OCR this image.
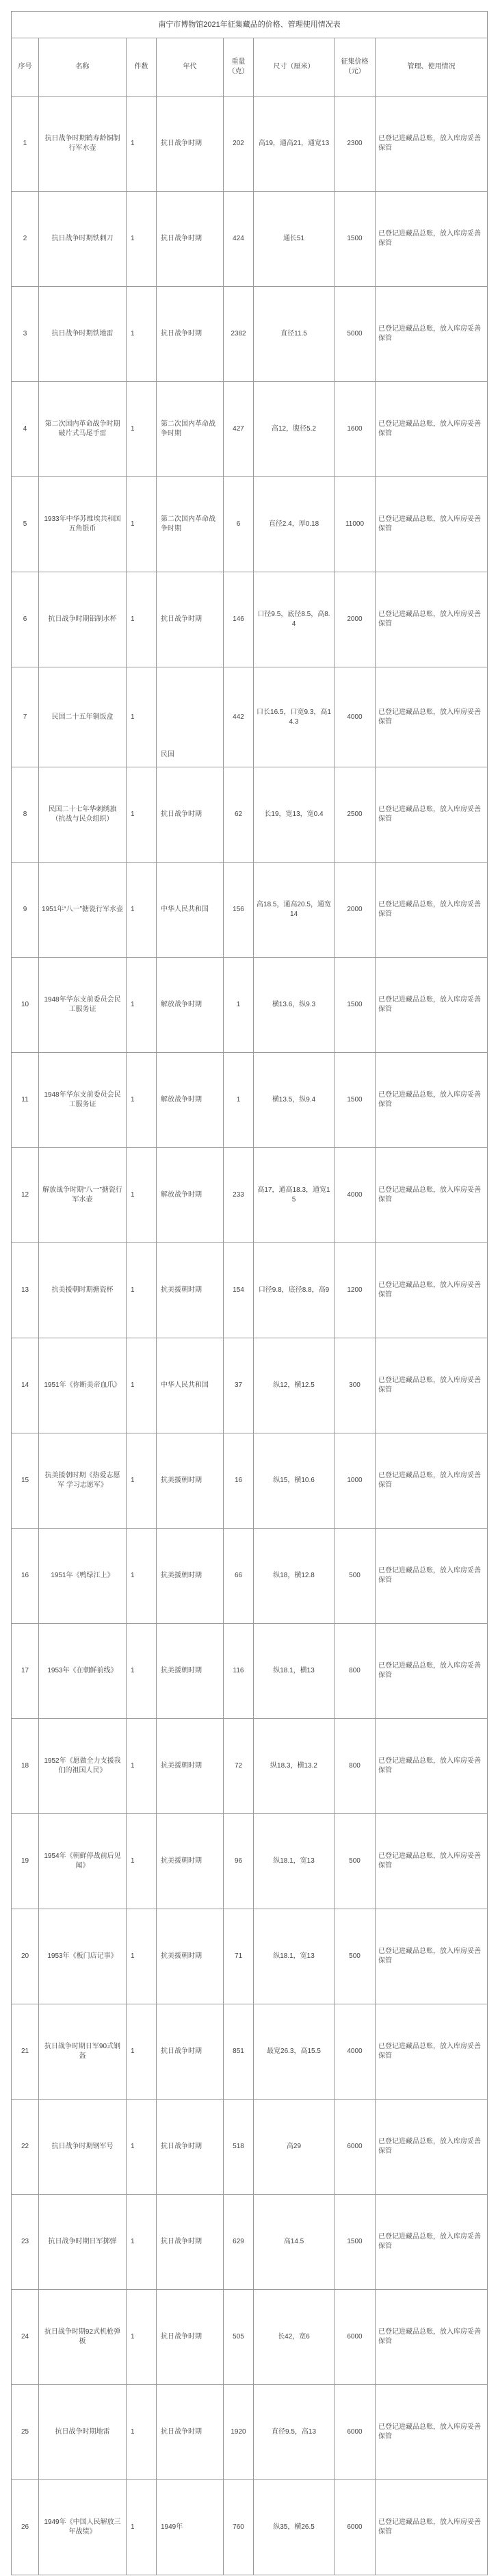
南宁市博物馆2021年征集藏品的价格、管理使用情况表							
序号	名称	件数	年代	重量（克）	尺寸（厘米）	征集价格（元）	管理、使用情况
1	抗日战争时期鹤寿龄铜制行军水壶	1	抗日战争时期	202	高19，通高21，通宽13	2300	已登记进藏品总账，放入库房妥善保管
2	抗日战争时期铁刺刀	1	抗日战争时期	424	通长51	1500	已登记进藏品总账，放入库房妥善保管
3	抗日战争时期铁地雷	1	抗日战争时期	2382	直径11.5	5000	已登记进藏品总账，放入库房妥善保管
4	第二次国内革命战争时期破片式马尾手雷	1	第二次国内革命战争时期	427	高12，腹径5.2	1600	已登记进藏品总账，放入库房妥善保管
5	1933年中华苏维埃共和国五角银币	1	第二次国内革命战争时期	6	直径2.4，厚0.18	11000	已登记进藏品总账，放入库房妥善保管
6	抗日战争时期铝制水杯	1	抗日战争时期	146	口径9.5，底径8.5，高8.4	2000	已登记进藏品总账，放入库房妥善保管
7	民国二十五年铜饭盒	1	民国	442	口长16.5，口宽9.3，高14.3	4000	已登记进藏品总账，放入库房妥善保管
8	民国二十七年华刺绣旗（抗战与民众组织）	1	抗日战争时期	62	长19，宽13，宽0.4	2500	已登记进藏品总账，放入库房妥善保管
9	1951年“八一”搪瓷行军水壶	1	中华人民共和国	156	高18.5，通高20.5，通宽14	2000	已登记进藏品总账，放入库房妥善保管
10	1948年华东支前委员会民工服务证	1	解放战争时期	1	横13.6，纵9.3	1500	已登记进藏品总账，放入库房妥善保管
11	1948年华东支前委员会民工服务证	1	解放战争时期	1	横13.5，纵9.4	1500	已登记进藏品总账，放入库房妥善保管
12	解放战争时期“八一”搪瓷行军水壶	1	解放战争时期	233	高17，通高18.3，通宽15	4000	已登记进藏品总账，放入库房妥善保管
13	抗美援朝时期搪瓷杯	1	抗美援朝时期	154	口径9.8，底径8.8，高9	1200	已登记进藏品总账，放入库房妥善保管
14	1951年《你断美帝血爪》	1	中华人民共和国	37	纵12，横12.5	300	已登记进藏品总账，放入库房妥善保管
15	抗美援朝时期《热爱志愿军 学习志愿军》	1	抗美援朝时期	16	纵15，横10.6	1000	已登记进藏品总账，放入库房妥善保管
16	1951年《鸭绿江上》	1	抗美援朝时期	66	纵18，横12.8	500	已登记进藏品总账，放入库房妥善保管
17	1953年《在朝鲜前线》	1	抗美援朝时期	116	纵18.1，横13	800	已登记进藏品总账，放入库房妥善保管
18	1952年《愿做全力支援我们的祖国人民》	1	抗美援朝时期	72	纵18.3，横13.2	800	已登记进藏品总账，放入库房妥善保管
19	1954年《朝鲜停战前后见闻》	1	抗美援朝时期	96	纵18.1，宽13	500	已登记进藏品总账，放入库房妥善保管
20	1953年《板门店记事》	1	抗美援朝时期	71	纵18.1，宽13	500	已登记进藏品总账，放入库房妥善保管
21	抗日战争时期日军90式钢盔	1	抗日战争时期	851	最宽26.3，高15.5	4000	已登记进藏品总账，放入库房妥善保管
22	抗日战争时期钢军号	1	抗日战争时期	518	高29	6000	已登记进藏品总账，放入库房妥善保管
23	抗日战争时期日军掷弹	1	抗日战争时期	629	高14.5	1500	已登记进藏品总账，放入库房妥善保管
24	抗日战争时期92式机枪弹板	1	抗日战争时期	505	长42，宽6	6000	已登记进藏品总账，放入库房妥善保管
25	抗日战争时期地雷	1	抗日战争时期	1920	直径9.5，高13	6000	已登记进藏品总账，放入库房妥善保管
26	1949年《中国人民解放三年战绩》	1	1949年	760	纵35，横26.5	6000	已登记进藏品总账，放入库房妥善保管
